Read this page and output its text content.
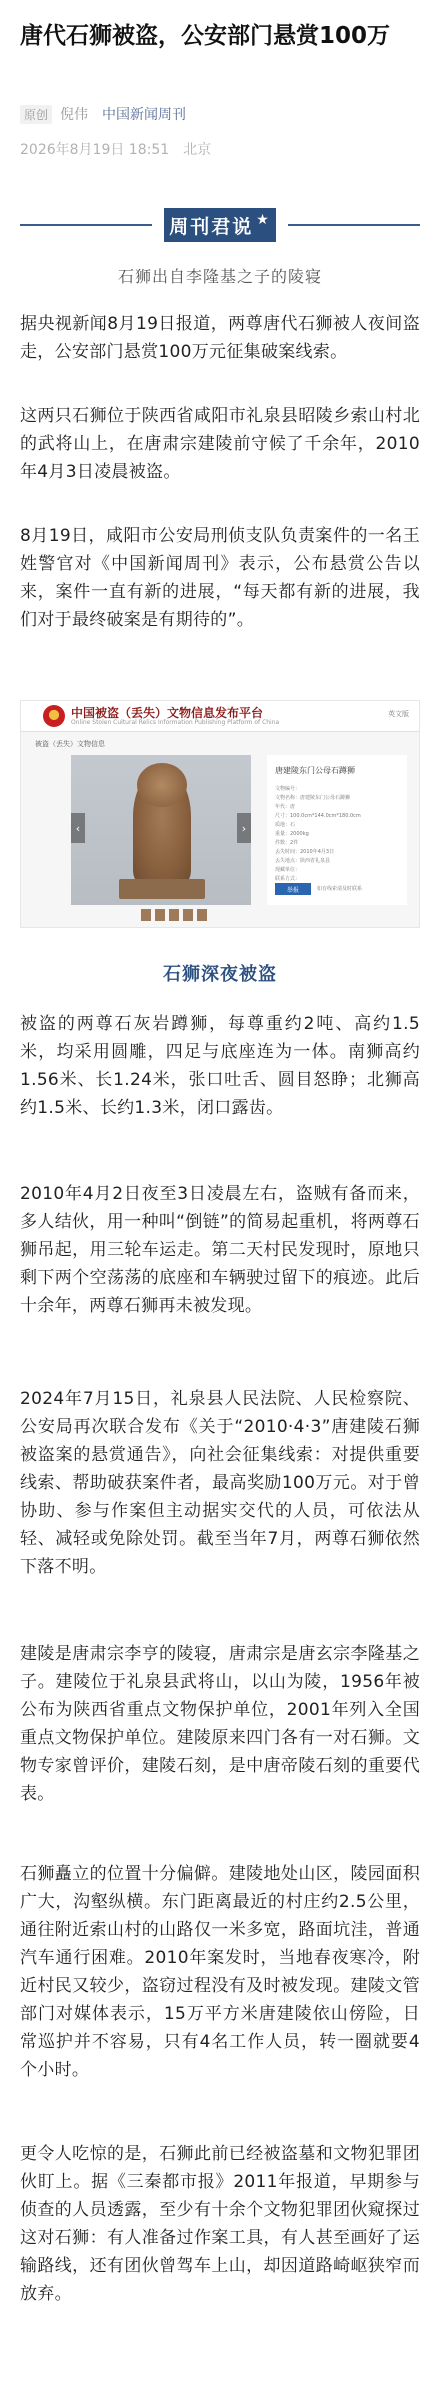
唐代石狮被盗，公安部门悬赏100万
原创 倪伟 中国新闻周刊
2026年8月19日 18:51 北京
周刊君说 ★
石狮出自李隆基之子的陵寝

据央视新闻8月19日报道，两尊唐代石狮被人夜间盗走，公安部门悬赏100万元征集破案线索。

这两只石狮位于陕西省咸阳市礼泉县昭陵乡索山村北的武将山上，在唐肃宗建陵前守候了千余年，2010年4月3日凌晨被盗。

8月19日，咸阳市公安局刑侦支队负责案件的一名王姓警官对《中国新闻周刊》表示，公布悬赏公告以来，案件一直有新的进展，“每天都有新的进展，我们对于最终破案是有期待的”。

中国被盗（丢失）文物信息发布平台
Online Stolen Cultural Relics Information Publishing Platform of China
英文版
被盗（丢失）文物信息
‹	›
唐建陵东门公母石蹲狮
文物编号：
文物名称：唐建陵东门公母石蹲狮
年代：唐
尺寸：100.0cm*144.0cm*180.0cm
质地：石
重量：2000kg
件数：2件
丢失时间：2010年4月3日
丢失地点：陕西省礼泉县
现藏单位：
联系方式：
举报	如有线索请及时联系
石狮深夜被盗

被盗的两尊石灰岩蹲狮，每尊重约2吨、高约1.5米，均采用圆雕，四足与底座连为一体。南狮高约1.56米、长1.24米，张口吐舌、圆目怒睁；北狮高约1.5米、长约1.3米，闭口露齿。

2010年4月2日夜至3日凌晨左右，盗贼有备而来，多人结伙，用一种叫“倒链”的简易起重机，将两尊石狮吊起，用三轮车运走。第二天村民发现时，原地只剩下两个空荡荡的底座和车辆驶过留下的痕迹。此后十余年，两尊石狮再未被发现。

2024年7月15日，礼泉县人民法院、人民检察院、公安局再次联合发布《关于“2010·4·3”唐建陵石狮被盗案的悬赏通告》，向社会征集线索：对提供重要线索、帮助破获案件者，最高奖励100万元。对于曾协助、参与作案但主动据实交代的人员，可依法从轻、减轻或免除处罚。截至当年7月，两尊石狮依然下落不明。

建陵是唐肃宗李亨的陵寝，唐肃宗是唐玄宗李隆基之子。建陵位于礼泉县武将山，以山为陵，1956年被公布为陕西省重点文物保护单位，2001年列入全国重点文物保护单位。建陵原来四门各有一对石狮。文物专家曾评价，建陵石刻，是中唐帝陵石刻的重要代表。

石狮矗立的位置十分偏僻。建陵地处山区，陵园面积广大，沟壑纵横。东门距离最近的村庄约2.5公里，通往附近索山村的山路仅一米多宽，路面坑洼，普通汽车通行困难。2010年案发时，当地春夜寒冷，附近村民又较少，盗窃过程没有及时被发现。建陵文管部门对媒体表示，15万平方米唐建陵依山傍险，日常巡护并不容易，只有4名工作人员，转一圈就要4个小时。

更令人吃惊的是，石狮此前已经被盗墓和文物犯罪团伙盯上。据《三秦都市报》2011年报道，早期参与侦查的人员透露，至少有十余个文物犯罪团伙窥探过这对石狮：有人准备过作案工具，有人甚至画好了运输路线，还有团伙曾驾车上山，却因道路崎岖狭窄而放弃。
